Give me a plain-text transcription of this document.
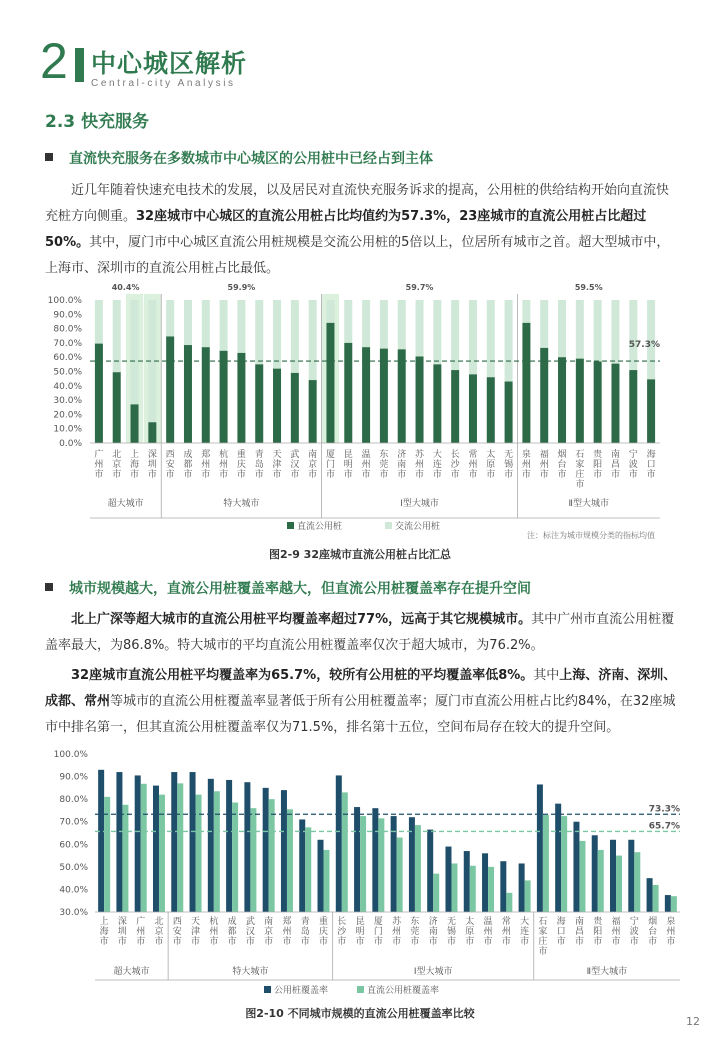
2 中心城区解析
Central-city Analysis
2.3 快充服务
直流快充服务在多数城市中心城区的公用桩中已经占到主体
近几年随着快速充电技术的发展，以及居民对直流快充服务诉求的提高，公用桩的供给结构开始向直流快充桩方向侧重。32座城市中心城区的直流公用桩占比均值约为57.3%，23座城市的直流公用桩占比超过50%。其中，厦门市中心城区直流公用桩规模是交流公用桩的5倍以上，位居所有城市之首。超大型城市中，上海市、深圳市的直流公用桩占比最低。
100.0%
90.0%
80.0%
70.0%
60.0%
50.0%
40.0%
30.0%
20.0%
10.0%
0.0%
广州市
北京市
上海市
深圳市
西安市
成都市
郑州市
杭州市
重庆市
青岛市
天津市
武汉市
南京市
厦门市
昆明市
温州市
东莞市
济南市
苏州市
大连市
长沙市
常州市
太原市
无锡市
泉州市
福州市
烟台市
石家庄市
贵阳市
南昌市
宁波市
海口市
40.4%
超大城市
59.9%
特大城市
59.7%
Ⅰ型大城市
59.5%
Ⅱ型大城市
57.3%
直流公用桩	交流公用桩
注：标注为城市规模分类的指标均值
图2-9 32座城市直流公用桩占比汇总
城市规模越大，直流公用桩覆盖率越大，但直流公用桩覆盖率存在提升空间
北上广深等超大城市的直流公用桩平均覆盖率超过77%，远高于其它规模城市。其中广州市直流公用桩覆盖率最大，为86.8%。特大城市的平均直流公用桩覆盖率仅次于超大城市，为76.2%。
32座城市直流公用桩平均覆盖率为65.7%，较所有公用桩的平均覆盖率低8%。其中上海、济南、深圳、成都、常州等城市的直流公用桩覆盖率显著低于所有公用桩覆盖率；厦门市直流公用桩占比约84%，在32座城市中排名第一，但其直流公用桩覆盖率仅为71.5%，排名第十五位，空间布局存在较大的提升空间。
100.0%
90.0%
80.0%
70.0%
60.0%
50.0%
40.0%
30.0%
上海市
深圳市
广州市
北京市
西安市
天津市
杭州市
成都市
武汉市
南京市
郑州市
青岛市
重庆市
长沙市
昆明市
厦门市
苏州市
东莞市
济南市
无锡市
太原市
温州市
常州市
大连市
石家庄市
海口市
南昌市
贵阳市
福州市
宁波市
烟台市
泉州市
超大城市	特大城市	Ⅰ型大城市	Ⅱ型大城市
73.3%
65.7%
公用桩覆盖率	直流公用桩覆盖率
图2-10 不同城市规模的直流公用桩覆盖率比较
12
